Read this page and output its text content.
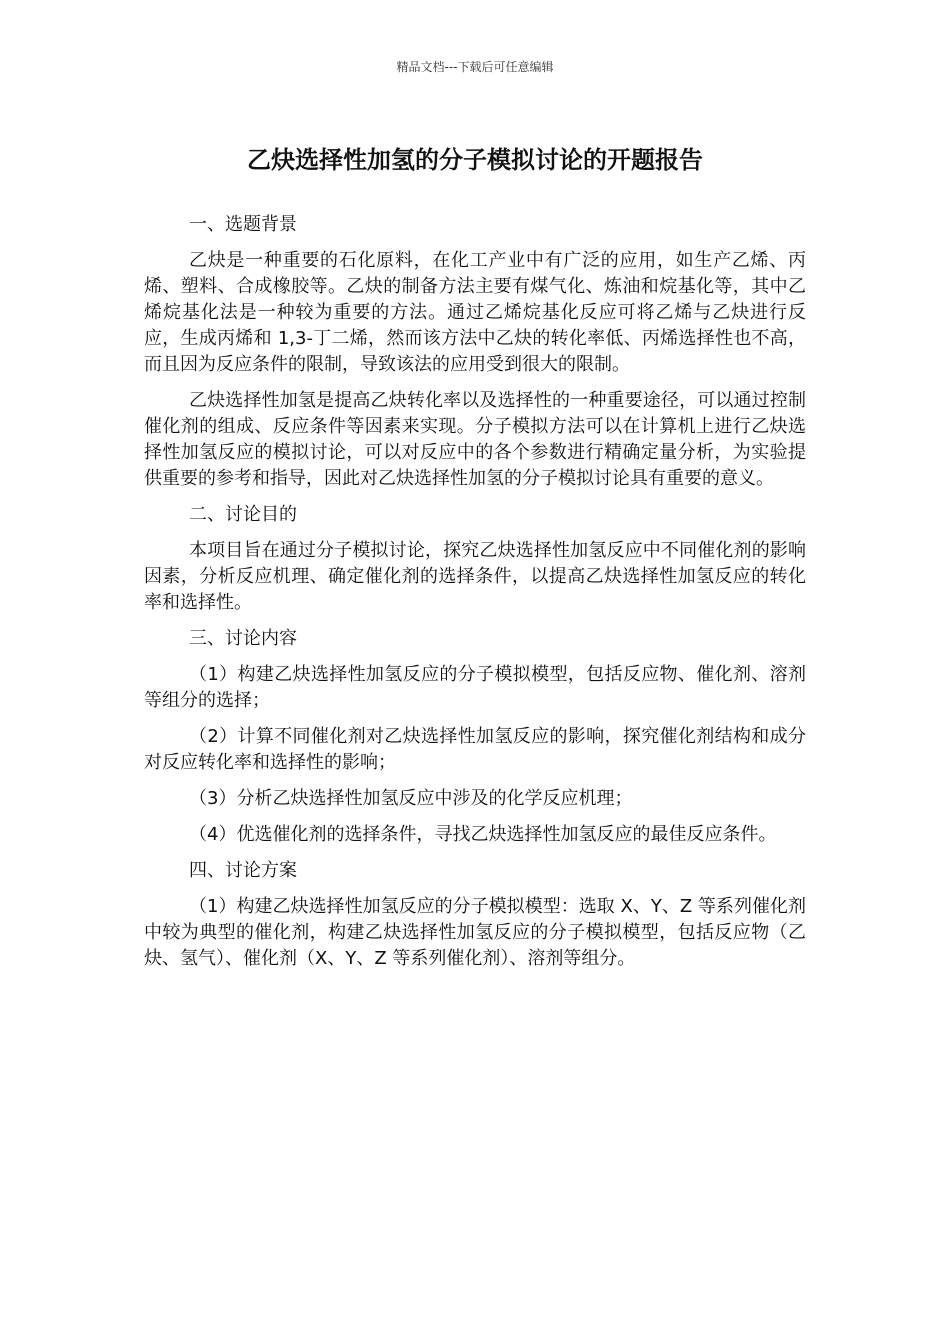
精品文档---下载后可任意编辑
乙炔选择性加氢的分子模拟讨论的开题报告
一、选题背景

乙炔是一种重要的石化原料，在化工产业中有广泛的应用，如生产乙烯、丙烯、塑料、合成橡胶等。乙炔的制备方法主要有煤气化、炼油和烷基化等，其中乙烯烷基化法是一种较为重要的方法。通过乙烯烷基化反应可将乙烯与乙炔进行反应，生成丙烯和 1,3-丁二烯，然而该方法中乙炔的转化率低、丙烯选择性也不高，而且因为反应条件的限制，导致该法的应用受到很大的限制。

乙炔选择性加氢是提高乙炔转化率以及选择性的一种重要途径，可以通过控制催化剂的组成、反应条件等因素来实现。分子模拟方法可以在计算机上进行乙炔选择性加氢反应的模拟讨论，可以对反应中的各个参数进行精确定量分析，为实验提供重要的参考和指导，因此对乙炔选择性加氢的分子模拟讨论具有重要的意义。

二、讨论目的

本项目旨在通过分子模拟讨论，探究乙炔选择性加氢反应中不同催化剂的影响因素，分析反应机理、确定催化剂的选择条件，以提高乙炔选择性加氢反应的转化率和选择性。

三、讨论内容

（1）构建乙炔选择性加氢反应的分子模拟模型，包括反应物、催化剂、溶剂等组分的选择；

（2）计算不同催化剂对乙炔选择性加氢反应的影响，探究催化剂结构和成分对反应转化率和选择性的影响；

（3）分析乙炔选择性加氢反应中涉及的化学反应机理；

（4）优选催化剂的选择条件，寻找乙炔选择性加氢反应的最佳反应条件。

四、讨论方案

（1）构建乙炔选择性加氢反应的分子模拟模型：选取 X、Y、Z 等系列催化剂中较为典型的催化剂，构建乙炔选择性加氢反应的分子模拟模型，包括反应物（乙炔、氢气）、催化剂（X、Y、Z 等系列催化剂）、溶剂等组分。
